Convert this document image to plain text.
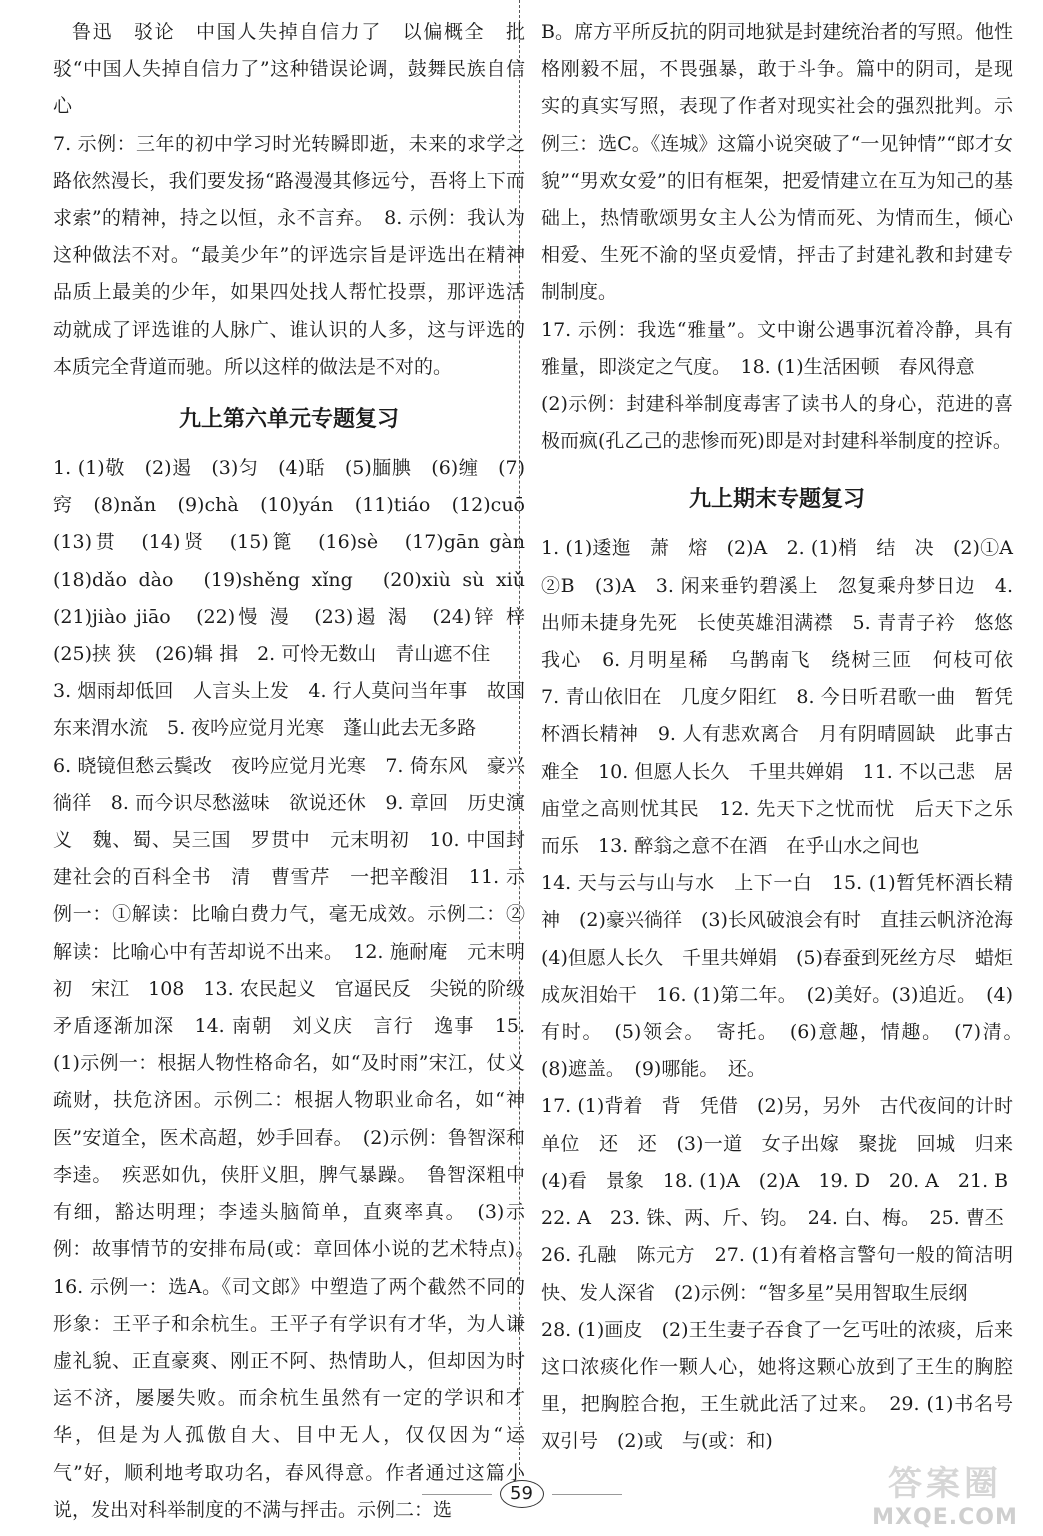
鲁迅　驳论　中国人失掉自信力了　以偏概全　批驳“中国人失掉自信力了”这种错误论调，鼓舞民族自信心

7. 示例：三年的初中学习时光转瞬即逝，未来的求学之路依然漫长，我们要发扬“路漫漫其修远兮，吾将上下而求索”的精神，持之以恒，永不言弃。　8. 示例：我认为这种做法不对。“最美少年”的评选宗旨是评选出在精神品质上最美的少年，如果四处找人帮忙投票，那评选活动就成了评选谁的人脉广、谁认识的人多，这与评选的本质完全背道而驰。所以这样的做法是不对的。

九上第六单元专题复习

1. (1)敬　(2)遏　(3)匀　(4)聒　(5)腼腆　(6)缠　(7)窍　(8)nǎn　(9)chà　(10)yán　(11)tiáo　(12)cuō　(13)贯　(14)贤　(15)篦　(16)sè　(17)gān gàn　(18)dǎo dào　(19)shěng xǐng　(20)xiù sù xiǔ　(21)jiào jiāo　(22)慢 漫　(23)遏 渴　(24)锌 梓　(25)挟 狭　(26)辑 揖　2. 可怜无数山　青山遮不住

3. 烟雨却低回　人言头上发　4. 行人莫问当年事　故国东来渭水流　5. 夜吟应觉月光寒　蓬山此去无多路

6. 晓镜但愁云鬓改　夜吟应觉月光寒　7. 倚东风　豪兴徜徉　8. 而今识尽愁滋味　欲说还休　9. 章回　历史演义　魏、蜀、吴三国　罗贯中　元末明初　10. 中国封建社会的百科全书　清　曹雪芹　一把辛酸泪　11. 示例一：①解读：比喻白费力气，毫无成效。示例二：②解读：比喻心中有苦却说不出来。　12. 施耐庵　元末明初　宋江　108　13. 农民起义　官逼民反　尖锐的阶级矛盾逐渐加深　14. 南朝　刘义庆　言行　逸事　15. (1)示例一：根据人物性格命名，如“及时雨”宋江，仗义疏财，扶危济困。示例二：根据人物职业命名，如“神医”安道全，医术高超，妙手回春。　(2)示例：鲁智深和李逵。　疾恶如仇，侠肝义胆，脾气暴躁。　鲁智深粗中有细，豁达明理；李逵头脑简单，直爽率真。　(3)示例：故事情节的安排布局(或：章回体小说的艺术特点)。　16. 示例一：选A。《司文郎》中塑造了两个截然不同的形象：王平子和余杭生。王平子有学识有才华，为人谦虚礼貌、正直豪爽、刚正不阿、热情助人，但却因为时运不济，屡屡失败。而余杭生虽然有一定的学识和才华，但是为人孤傲自大、目中无人，仅仅因为“运气”好，顺利地考取功名，春风得意。作者通过这篇小说，发出对科举制度的不满与抨击。示例二：选

B。席方平所反抗的阴司地狱是封建统治者的写照。他性格刚毅不屈，不畏强暴，敢于斗争。篇中的阴司，是现实的真实写照，表现了作者对现实社会的强烈批判。示例三：选C。《连城》这篇小说突破了“一见钟情”“郎才女貌”“男欢女爱”的旧有框架，把爱情建立在互为知己的基础上，热情歌颂男女主人公为情而死、为情而生，倾心相爱、生死不渝的坚贞爱情，抨击了封建礼教和封建专制制度。

17. 示例：我选“雅量”。文中谢公遇事沉着冷静，具有雅量，即淡定之气度。　18. (1)生活困顿　春风得意

(2)示例：封建科举制度毒害了读书人的身心，范进的喜极而疯(孔乙己的悲惨而死)即是对封建科举制度的控诉。

九上期末专题复习

1. (1)逶迤　萧　熔　(2)A　2. (1)梢　结　决　(2)①A　②B　(3)A　3. 闲来垂钓碧溪上　忽复乘舟梦日边　4. 出师未捷身先死　长使英雄泪满襟　5. 青青子衿　悠悠我心　6. 月明星稀　乌鹊南飞　绕树三匝　何枝可依　7. 青山依旧在　几度夕阳红　8. 今日听君歌一曲　暂凭杯酒长精神　9. 人有悲欢离合　月有阴晴圆缺　此事古难全　10. 但愿人长久　千里共婵娟　11. 不以己悲　居庙堂之高则忧其民　12. 先天下之忧而忧　后天下之乐而乐　13. 醉翁之意不在酒　在乎山水之间也

14. 天与云与山与水　上下一白　15. (1)暂凭杯酒长精神　(2)豪兴徜徉　(3)长风破浪会有时　直挂云帆济沧海　(4)但愿人长久　千里共婵娟　(5)春蚕到死丝方尽　蜡炬成灰泪始干　16. (1)第二年。　(2)美好。(3)追近。　(4)有时。　(5)领会。　寄托。　(6)意趣，情趣。　(7)清。　(8)遮盖。　(9)哪能。　还。

17. (1)背着　背　凭借　(2)另，另外　古代夜间的计时单位　还　还　(3)一道　女子出嫁　聚拢　回城　归来　(4)看　景象　18. (1)A　(2)A　19. D　20. A　21. B

22. A　23. 铢、两、斤、钧。　24. 白、梅。　25. 曹丕

26. 孔融　陈元方　27. (1)有着格言警句一般的简洁明快、发人深省　(2)示例：“智多星”吴用智取生辰纲

28. (1)画皮　(2)王生妻子吞食了一乞丐吐的浓痰，后来这口浓痰化作一颗人心，她将这颗心放到了王生的胸腔里，把胸腔合抱，王生就此活了过来。　29. (1)书名号　双引号　(2)或　与(或：和)

59	答案圈
MXQE.COM
